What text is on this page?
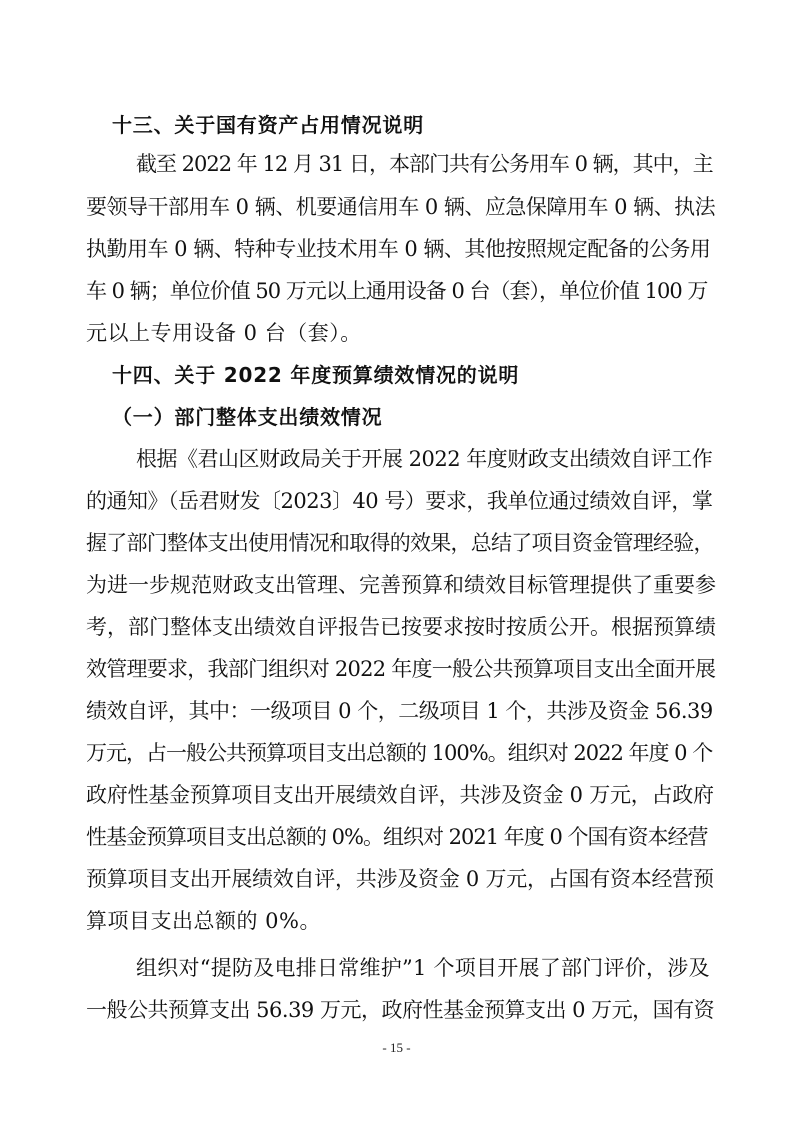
十三、关于国有资产占用情况说明
截至 2022 年 12 月 31 日，本部门共有公务用车 0 辆，其中，主
要领导干部用车 0 辆、机要通信用车 0 辆、应急保障用车 0 辆、执法
执勤用车 0 辆、特种专业技术用车 0 辆、其他按照规定配备的公务用
车 0 辆；单位价值 50 万元以上通用设备 0 台（套），单位价值 100 万
元以上专用设备 0 台（套）。
十四、关于 2022 年度预算绩效情况的说明
（一）部门整体支出绩效情况
根据《君山区财政局关于开展 2022 年度财政支出绩效自评工作
的通知》（岳君财发〔2023〕40 号）要求，我单位通过绩效自评，掌
握了部门整体支出使用情况和取得的效果，总结了项目资金管理经验，
为进一步规范财政支出管理、完善预算和绩效目标管理提供了重要参
考，部门整体支出绩效自评报告已按要求按时按质公开。根据预算绩
效管理要求，我部门组织对 2022 年度一般公共预算项目支出全面开展
绩效自评，其中：一级项目 0 个，二级项目 1 个，共涉及资金 56.39
万元，占一般公共预算项目支出总额的 100%。组织对 2022 年度 0 个
政府性基金预算项目支出开展绩效自评，共涉及资金 0 万元，占政府
性基金预算项目支出总额的 0%。组织对 2021 年度 0 个国有资本经营
预算项目支出开展绩效自评，共涉及资金 0 万元，占国有资本经营预
算项目支出总额的 0%。
组织对“提防及电排日常维护”1 个项目开展了部门评价，涉及
一般公共预算支出 56.39 万元，政府性基金预算支出 0 万元，国有资
- 15 -
